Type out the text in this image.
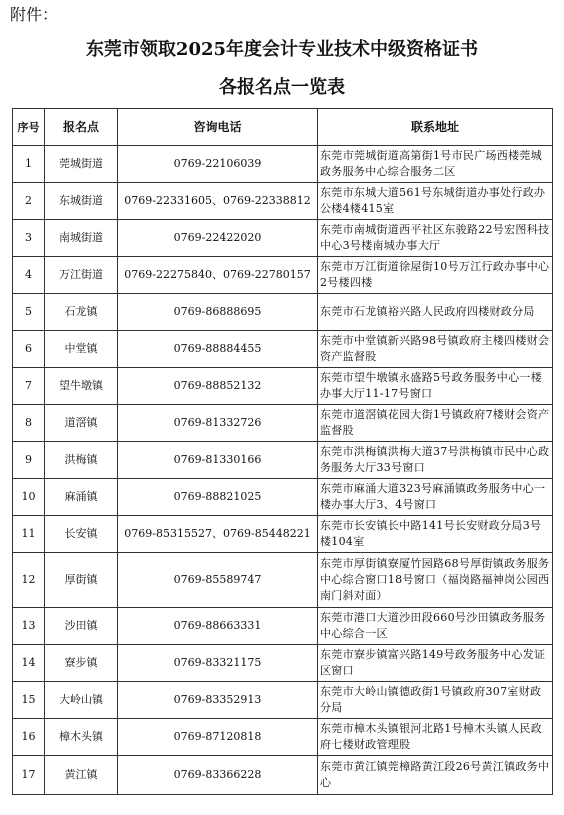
附件：
东莞市领取2025年度会计专业技术中级资格证书
各报名点一览表
序号	报名点	咨询电话	联系地址
1	莞城街道	0769-22106039	东莞市莞城街道高第街1号市民广场西楼莞城政务服务中心综合服务二区
2	东城街道	0769-22331605、0769-22338812	东莞市东城大道561号东城街道办事处行政办公楼4楼415室
3	南城街道	0769-22422020	东莞市南城街道西平社区东骏路22号宏图科技中心3号楼南城办事大厅
4	万江街道	0769-22275840、0769-22780157	东莞市万江街道徐屋街10号万江行政办事中心2号楼四楼
5	石龙镇	0769-86888695	东莞市石龙镇裕兴路人民政府四楼财政分局
6	中堂镇	0769-88884455	东莞市中堂镇新兴路98号镇政府主楼四楼财会资产监督股
7	望牛墩镇	0769-88852132	东莞市望牛墩镇永盛路5号政务服务中心一楼办事大厅11-17号窗口
8	道滘镇	0769-81332726	东莞市道滘镇花园大街1号镇政府7楼财会资产监督股
9	洪梅镇	0769-81330166	东莞市洪梅镇洪梅大道37号洪梅镇市民中心政务服务大厅33号窗口
10	麻涌镇	0769-88821025	东莞市麻涌大道323号麻涌镇政务服务中心一楼办事大厅3、4号窗口
11	长安镇	0769-85315527、0769-85448221	东莞市长安镇长中路141号长安财政分局3号楼104室
12	厚街镇	0769-85589747	东莞市厚街镇寮厦竹园路68号厚街镇政务服务中心综合窗口18号窗口（福岗路福神岗公园西南门斜对面）
13	沙田镇	0769-88663331	东莞市港口大道沙田段660号沙田镇政务服务中心综合一区
14	寮步镇	0769-83321175	东莞市寮步镇富兴路149号政务服务中心发证区窗口
15	大岭山镇	0769-83352913	东莞市大岭山镇德政街1号镇政府307室财政分局
16	樟木头镇	0769-87120818	东莞市樟木头镇银河北路1号樟木头镇人民政府七楼财政管理股
17	黄江镇	0769-83366228	东莞市黄江镇莞樟路黄江段26号黄江镇政务中心
